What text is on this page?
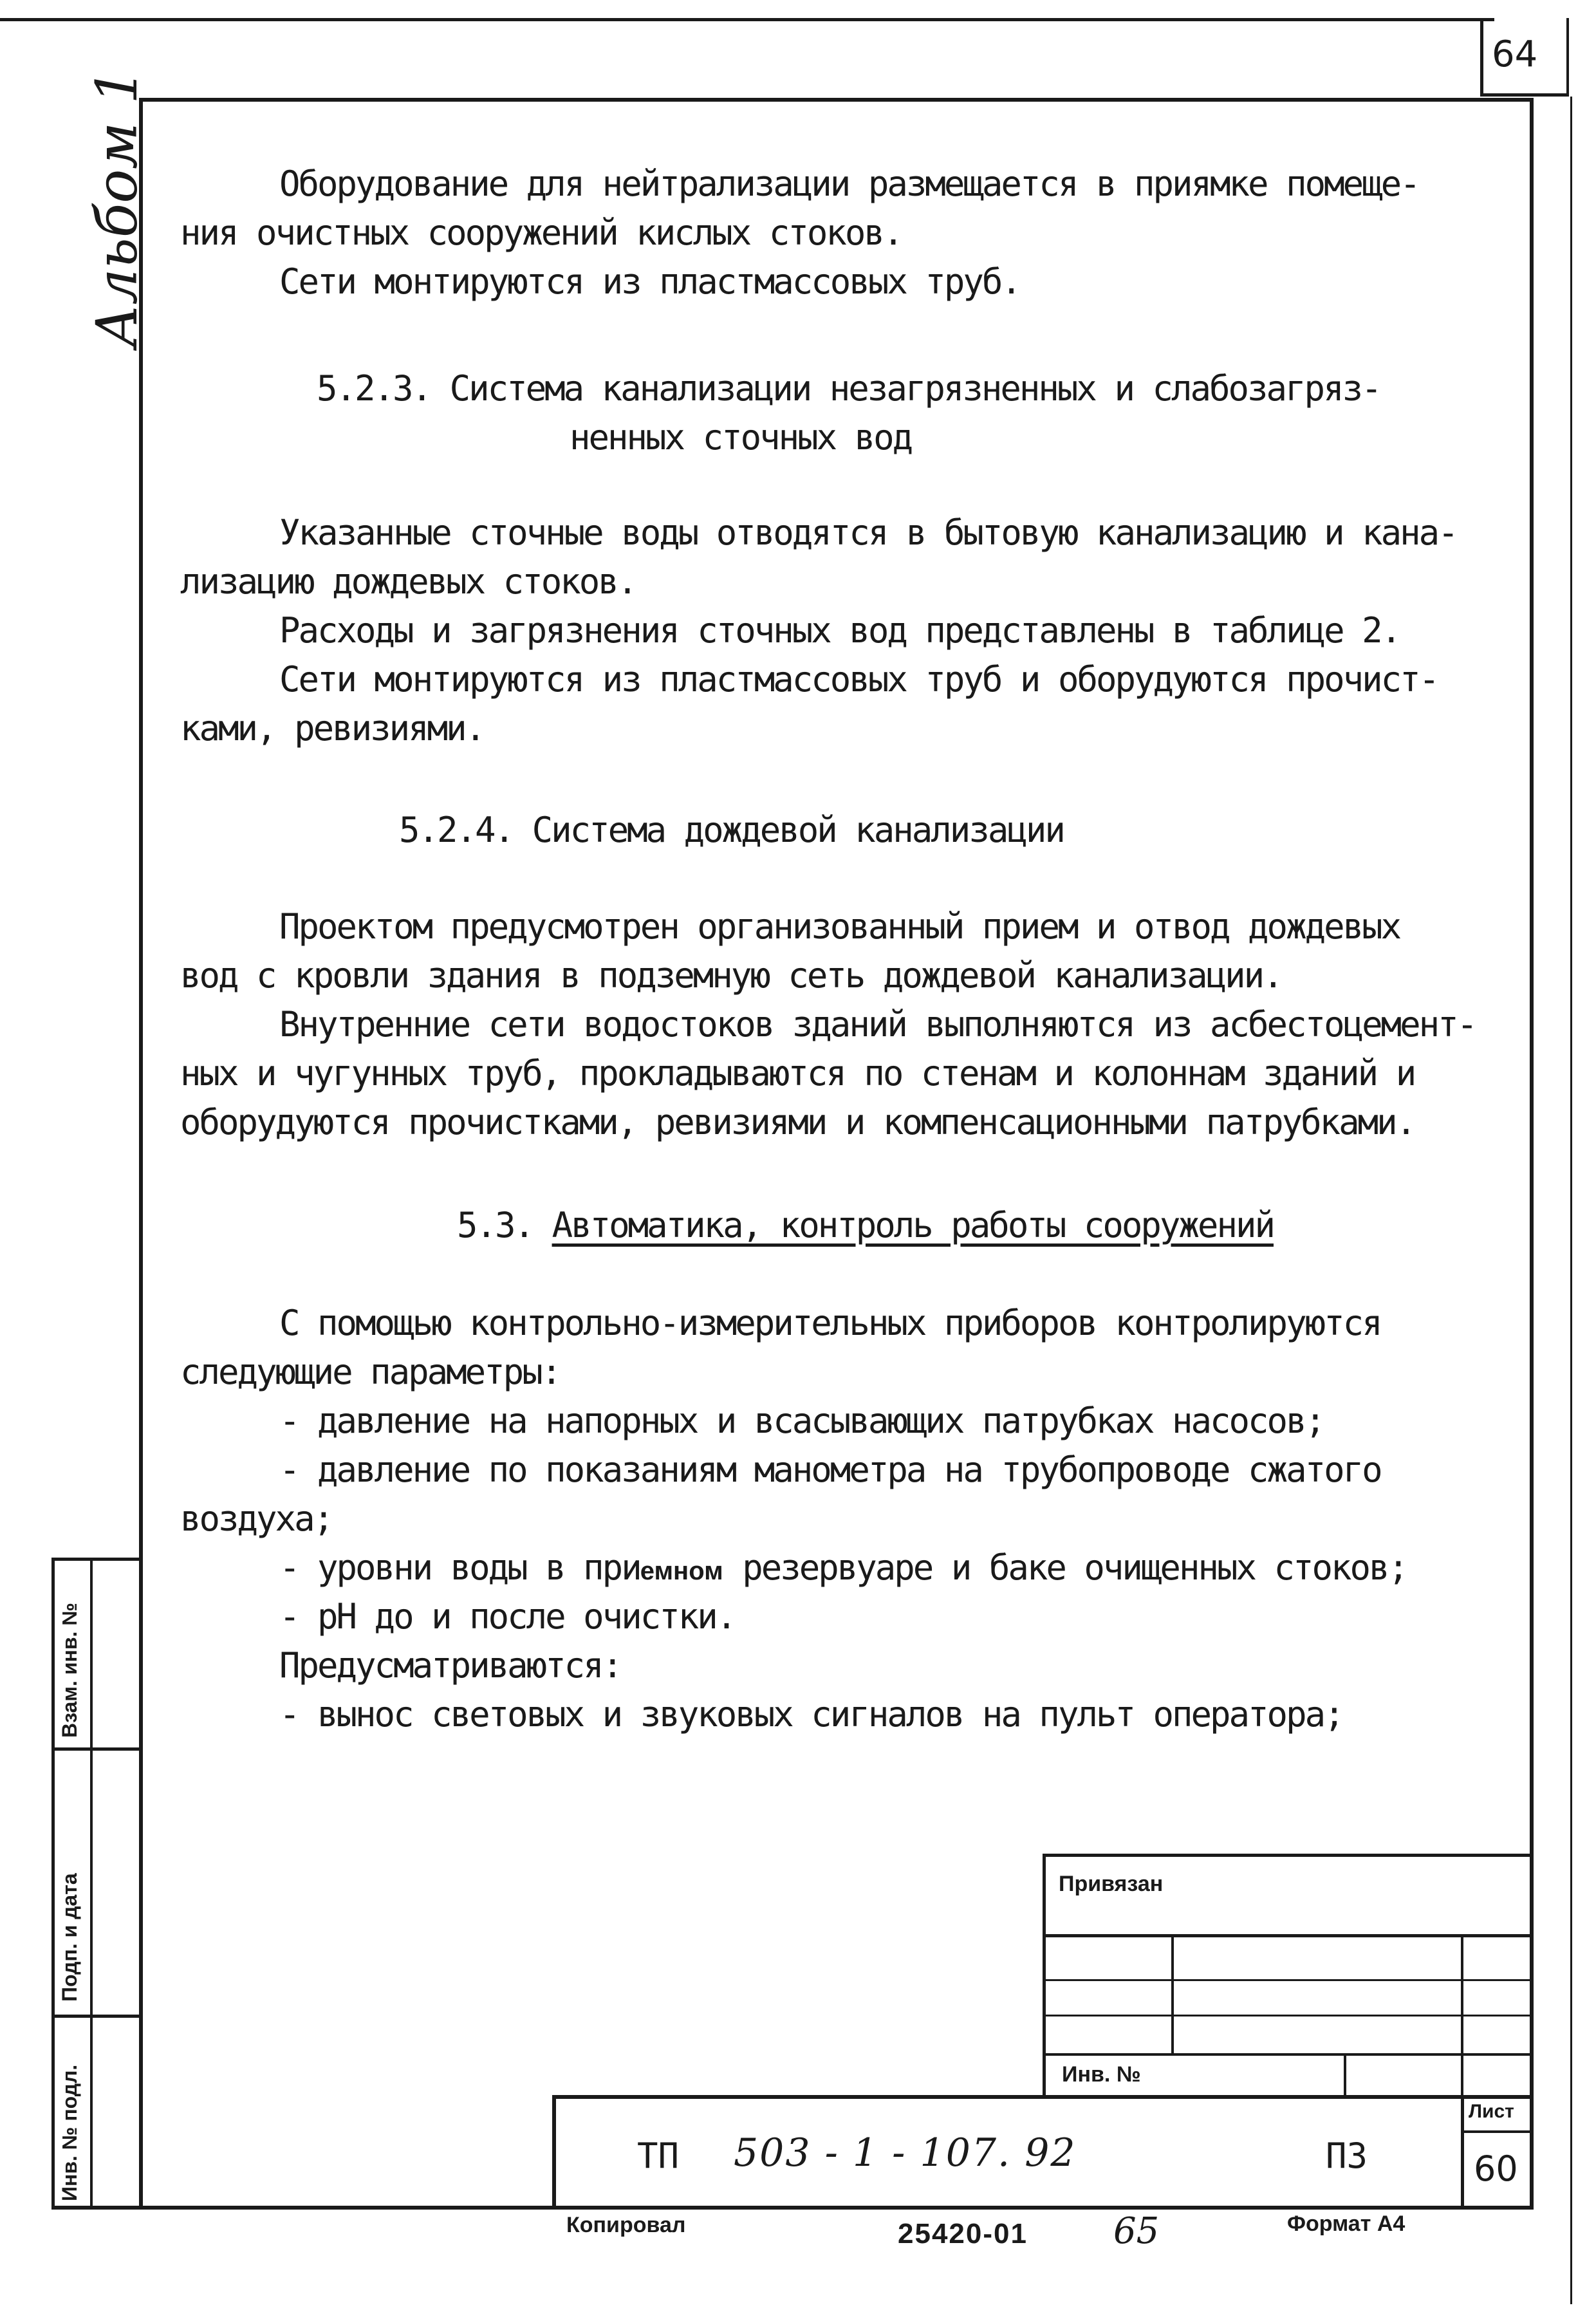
64
Альбом 1	Оборудование для нейтрализации размещается в приямке помеще-
ния очистных сооружений кислых стоков.
Сети монтируются из пластмассовых труб.
5.2.3. Система канализации незагрязненных и слабозагряз-
ненных сточных вод
Указанные сточные воды отводятся в бытовую канализацию и кана-
лизацию дождевых стоков.
Расходы и загрязнения сточных вод представлены в таблице 2.
Сети монтируются из пластмассовых труб и оборудуются прочист-
ками, ревизиями.
5.2.4. Система дождевой канализации
Проектом предусмотрен организованный прием и отвод дождевых
вод с кровли здания в подземную сеть дождевой канализации.
Внутренние сети водостоков зданий выполняются из асбестоцемент-
ных и чугунных труб, прокладываются по стенам и колоннам зданий и
оборудуются прочистками, ревизиями и компенсационными патрубками.
5.3. Автоматика, контроль работы сооружений
С помощью контрольно-измерительных приборов контролируются
следующие параметры:
- давление на напорных и всасывающих патрубках насосов;
- давление по показаниям манометра на трубопроводе сжатого
воздуха;
- уровни воды в приемном резервуаре и баке очищенных стоков;
- рН до и после очистки.
Предусматриваются:
- вынос световых и звуковых сигналов на пульт оператора;
Взам. инв. №
Подп. и дата
Инв. № подл.
Привязан
Инв. №
Лист
60
ТП 503 - 1 - 107. 92	ПЗ
Копировал	25420-01 65	Формат А4
